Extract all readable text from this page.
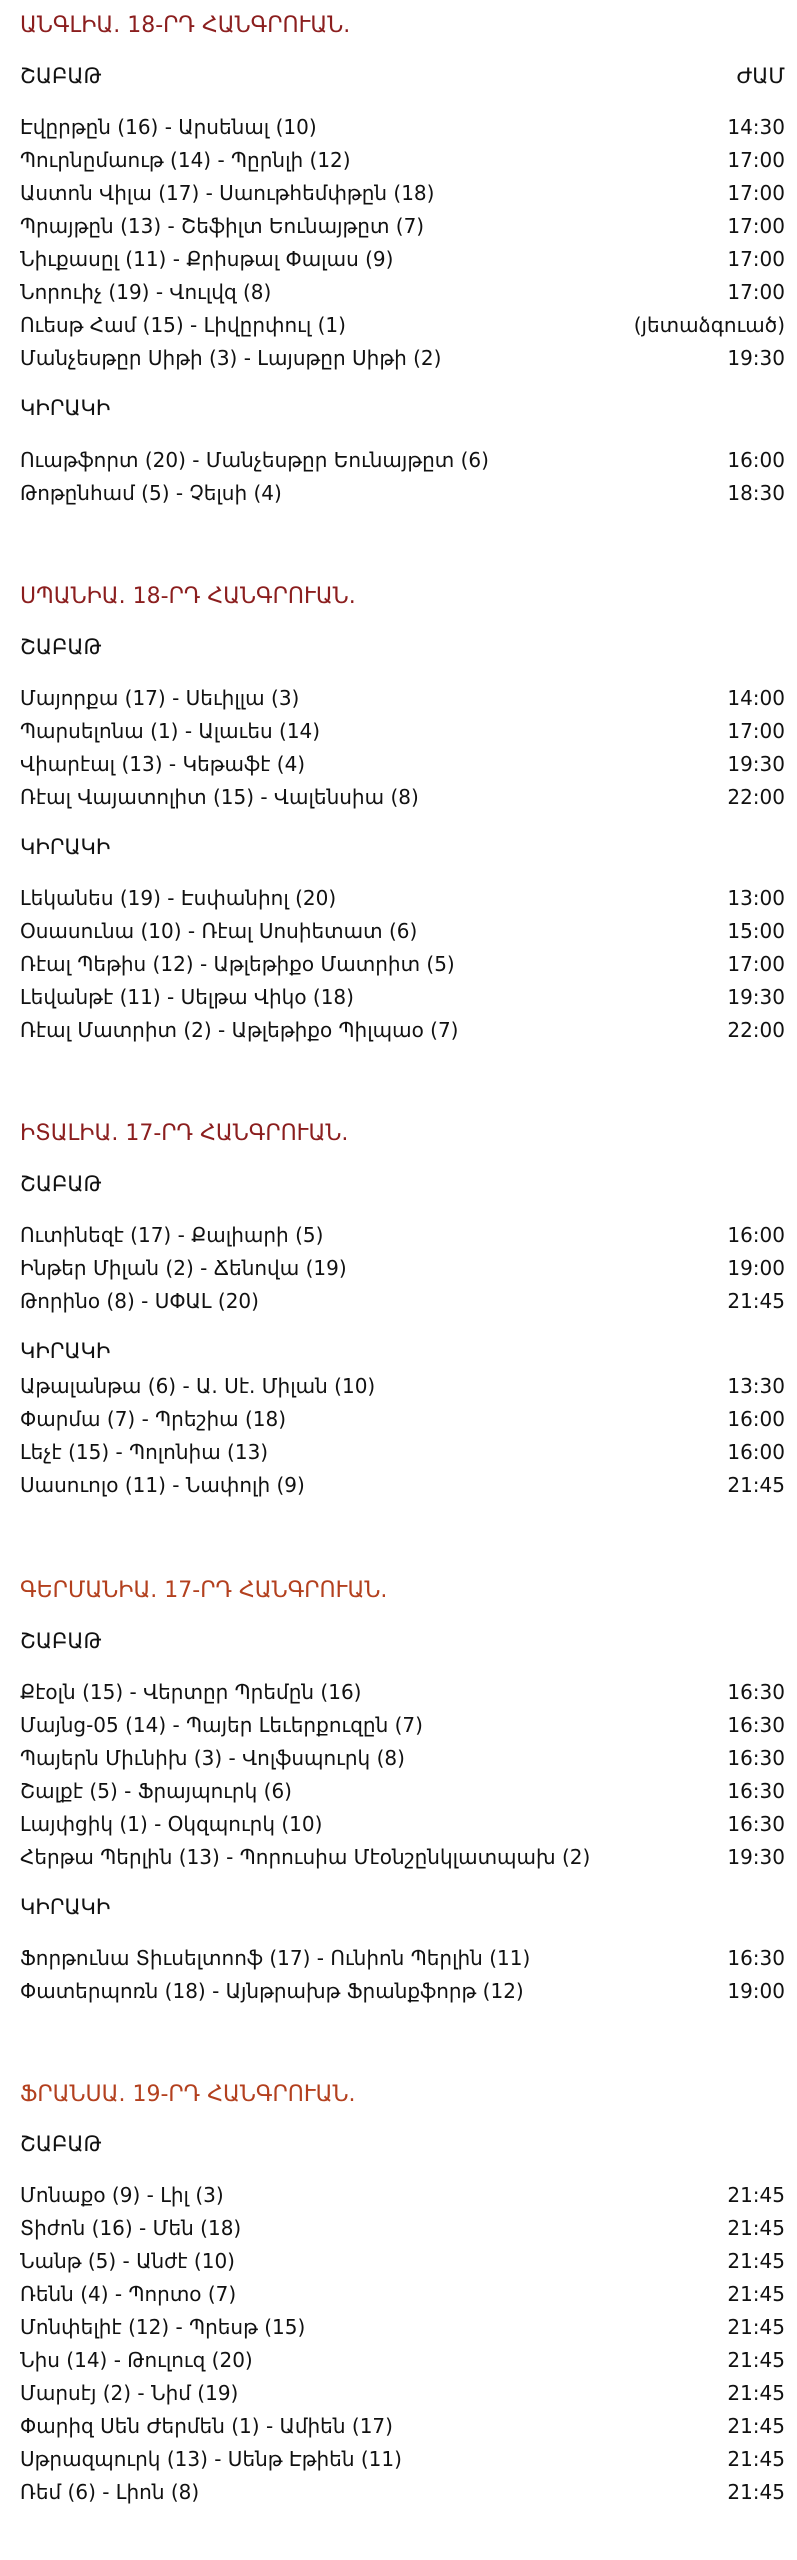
ԱՆԳԼԻԱ. 18-ՐԴ ՀԱՆԳՐՈՒԱՆ.
ՇԱԲԱԹ	ԺԱՄ
Էվըրթըն (16) - Արսենալ (10)	14:30
Պուրնըմաութ (14) - Պըրնլի (12)	17:00
Աստոն Վիլա (17) - Սաութհեմփթըն (18)	17:00
Պրայթըն (13) - Շեֆիլտ Եունայթըտ (7)	17:00
Նիւքասըլ (11) - Քրիսթալ Փալաս (9)	17:00
Նորուիչ (19) - Վուլվզ (8)	17:00
Ուեսթ Համ (15) - Լիվըրփուլ (1)	(յետաձգուած)
Մանչեսթըր Սիթի (3) - Լայսթըր Սիթի (2)	19:30
ԿԻՐԱԿԻ
Ուաթֆորտ (20) - Մանչեսթըր Եունայթըտ (6)	16:00
Թոթընհամ (5) - Չելսի (4)	18:30
ՍՊԱՆԻԱ. 18-ՐԴ ՀԱՆԳՐՈՒԱՆ.
ՇԱԲԱԹ
Մայորքա (17) - Սեւիլլա (3)	14:00
Պարսելոնա (1) - Ալաւես (14)	17:00
Վիարէալ (13) - Կեթաֆէ (4)	19:30
Ռէալ Վայատոլիտ (15) - Վալենսիա (8)	22:00
ԿԻՐԱԿԻ
Լեկանես (19) - Էսփանիոլ (20)	13:00
Օսասունա (10) - Ռէալ Սոսիետատ (6)	15:00
Ռէալ Պեթիս (12) - Աթլեթիքօ Մատրիտ (5)	17:00
Լեվանթէ (11) - Սելթա Վիկօ (18)	19:30
Ռէալ Մատրիտ (2) - Աթլեթիքօ Պիլպաօ (7)	22:00
ԻՏԱԼԻԱ. 17-ՐԴ ՀԱՆԳՐՈՒԱՆ.
ՇԱԲԱԹ
Ուտինեզէ (17) - Քալիարի (5)	16:00
Ինթեր Միլան (2) - Ճենովա (19)	19:00
Թորինօ (8) - ՍՓԱԼ (20)	21:45
ԿԻՐԱԿԻ
Աթալանթա (6) - Ա. Սէ. Միլան (10)	13:30
Փարմա (7) - Պրեշիա (18)	16:00
Լեչէ (15) - Պոլոնիա (13)	16:00
Սասուոլօ (11) - Նափոլի (9)	21:45
ԳԵՐՄԱՆԻԱ. 17-ՐԴ ՀԱՆԳՐՈՒԱՆ.
ՇԱԲԱԹ
Քէօլն (15) - Վերտըր Պրեմըն (16)	16:30
Մայնց-05 (14) - Պայեր Լեւերքուզըն (7)	16:30
Պայերն Միւնիխ (3) - Վոլֆսպուրկ (8)	16:30
Շալքէ (5) - Ֆրայպուրկ (6)	16:30
Լայփցիկ (1) - Օկզպուրկ (10)	16:30
Հերթա Պերլին (13) - Պորուսիա Մէօնշընկլատպախ (2)	19:30
ԿԻՐԱԿԻ
Ֆորթունա Տիւսելտոոֆ (17) - Ունիոն Պերլին (11)	16:30
Փատերպոռն (18) - Այնթրախթ Ֆրանքֆորթ (12)	19:00
ՖՐԱՆՍԱ. 19-ՐԴ ՀԱՆԳՐՈՒԱՆ.
ՇԱԲԱԹ
Մոնաքօ (9) - Լիլ (3)	21:45
Տիժոն (16) - Մեն (18)	21:45
Նանթ (5) - Անժէ (10)	21:45
Ռենն (4) - Պորտօ (7)	21:45
Մոնփելիէ (12) - Պրեսթ (15)	21:45
Նիս (14) - Թուլուզ (20)	21:45
Մարսէյ (2) - Նիմ (19)	21:45
Փարիզ Սեն Ժերմեն (1) - Ամիեն (17)	21:45
Սթրազպուրկ (13) - Սենթ Էթիեն (11)	21:45
Ռեմ (6) - Լիոն (8)	21:45
